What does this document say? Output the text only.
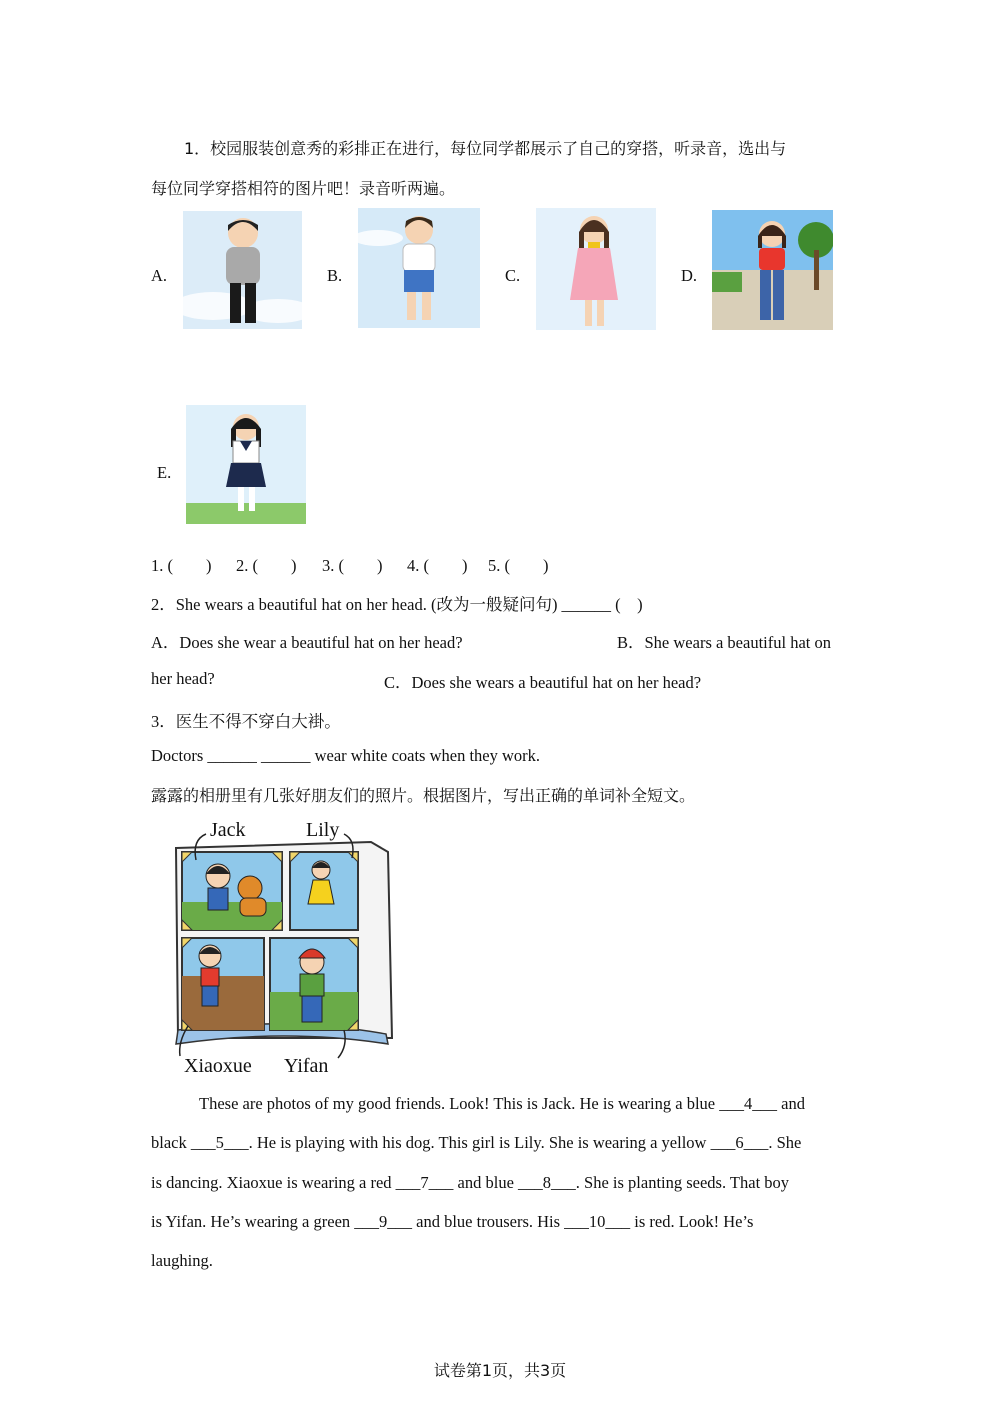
1．校园服装创意秀的彩排正在进行，每位同学都展示了自己的穿搭，听录音，选出与
每位同学穿搭相符的图片吧！录音听两遍。
A.	B.	C.	D.
E.
1. (　　) 2. (　　) 3. (　　) 4. (　　) 5. (　　)
2．She wears a beautiful hat on her head. (改为一般疑问句) ______ (　)
A．Does she wear a beautiful hat on her head?	B．She wears a beautiful hat on
her head?	C．Does she wears a beautiful hat on her head?
3．医生不得不穿白大褂。
Doctors ______ ______ wear white coats when they work.
露露的相册里有几张好朋友们的照片。根据图片，写出正确的单词补全短文。
Jack	Lily
Xiaoxue Yifan
These are photos of my good friends. Look! This is Jack. He is wearing a blue ___4___ and
black ___5___. He is playing with his dog. This girl is Lily. She is wearing a yellow ___6___. She
is dancing. Xiaoxue is wearing a red ___7___ and blue ___8___. She is planting seeds. That boy
is Yifan. He’s wearing a green ___9___ and blue trousers. His ___10___ is red. Look! He’s
laughing.
试卷第1页，共3页
